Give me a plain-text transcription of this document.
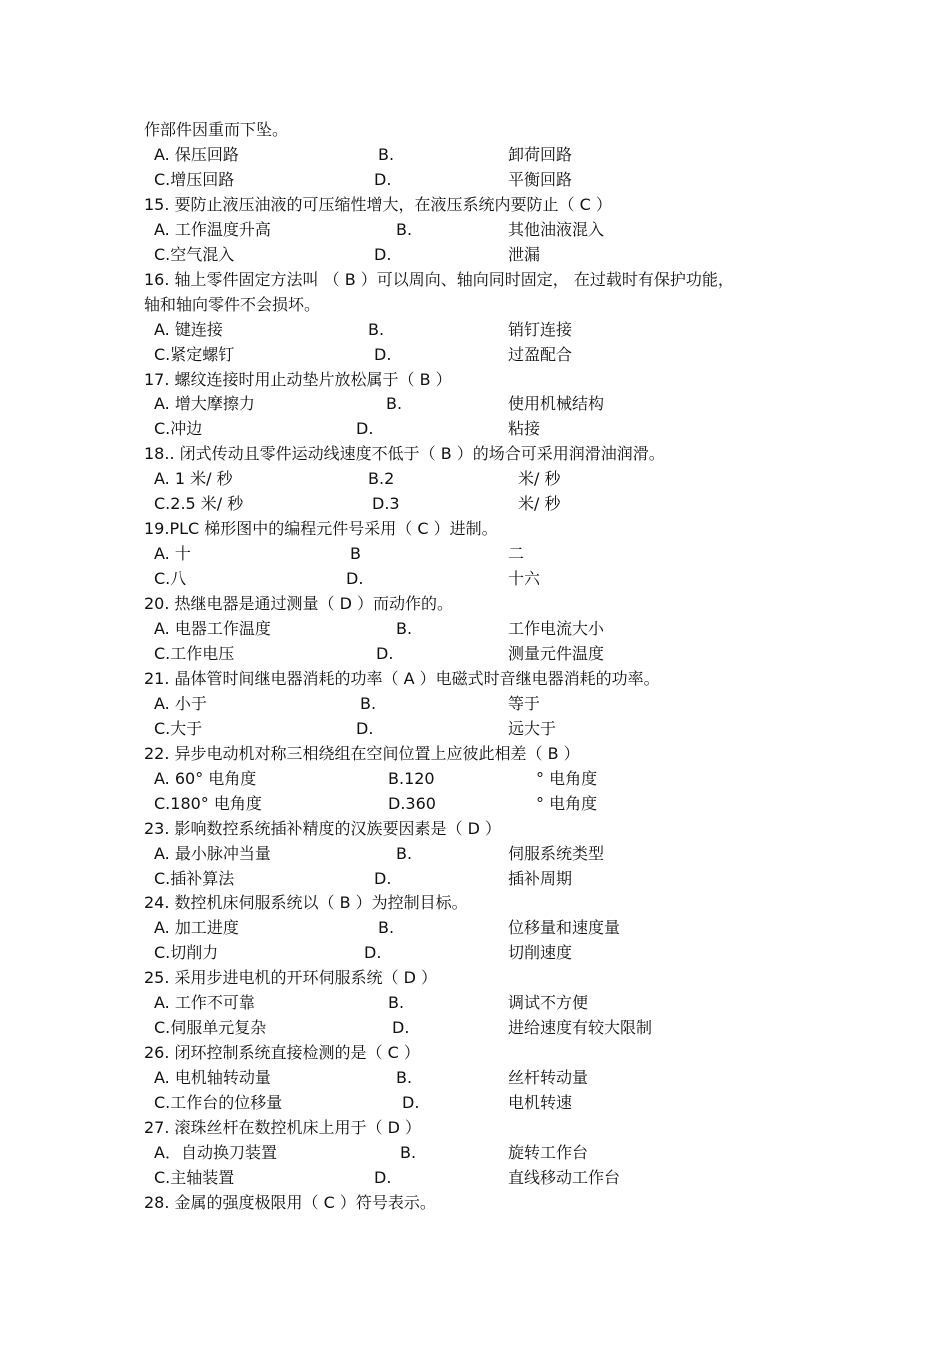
作部件因重而下坠。
A. 保压回路	B.	卸荷回路
C.增压回路	D.	平衡回路
15. 要防止液压油液的可压缩性增大，在液压系统内要防止（ C ）
A. 工作温度升高	B.	其他油液混入
C.空气混入	D.	泄漏
16. 轴上零件固定方法叫 （ B ）可以周向、轴向同时固定， 在过载时有保护功能，
轴和轴向零件不会损坏。
A. 键连接	B.	销钉连接
C.紧定螺钉	D.	过盈配合
17. 螺纹连接时用止动垫片放松属于（ B ）
A. 增大摩擦力	B.	使用机械结构
C.冲边	D.	粘接
18.. 闭式传动且零件运动线速度不低于（ B ）的场合可采用润滑油润滑。
A. 1 米/ 秒	B.2	米/ 秒
C.2.5 米/ 秒	D.3	米/ 秒
19.PLC 梯形图中的编程元件号采用（ C ）进制。
A. 十	B	二
C.八	D.	十六
20. 热继电器是通过测量（ D ）而动作的。
A. 电器工作温度	B.	工作电流大小
C.工作电压	D.	测量元件温度
21. 晶体管时间继电器消耗的功率（ A ）电磁式时音继电器消耗的功率。
A. 小于	B.	等于
C.大于	D.	远大于
22. 异步电动机对称三相绕组在空间位置上应彼此相差（ B ）
A. 60° 电角度	B.120	° 电角度
C.180° 电角度	D.360	° 电角度
23. 影响数控系统插补精度的汉族要因素是（ D ）
A. 最小脉冲当量	B.	伺服系统类型
C.插补算法	D.	插补周期
24. 数控机床伺服系统以（ B ）为控制目标。
A. 加工进度	B.	位移量和速度量
C.切削力	D.	切削速度
25. 采用步进电机的开环伺服系统（ D ）
A. 工作不可靠	B.	调试不方便
C.伺服单元复杂	D.	进给速度有较大限制
26. 闭环控制系统直接检测的是（ C ）
A. 电机轴转动量	B.	丝杆转动量
C.工作台的位移量	D.	电机转速
27. 滚珠丝杆在数控机床上用于（ D ）
A．自动换刀装置	B.	旋转工作台
C.主轴装置	D.	直线移动工作台
28. 金属的强度极限用（ C ）符号表示。
